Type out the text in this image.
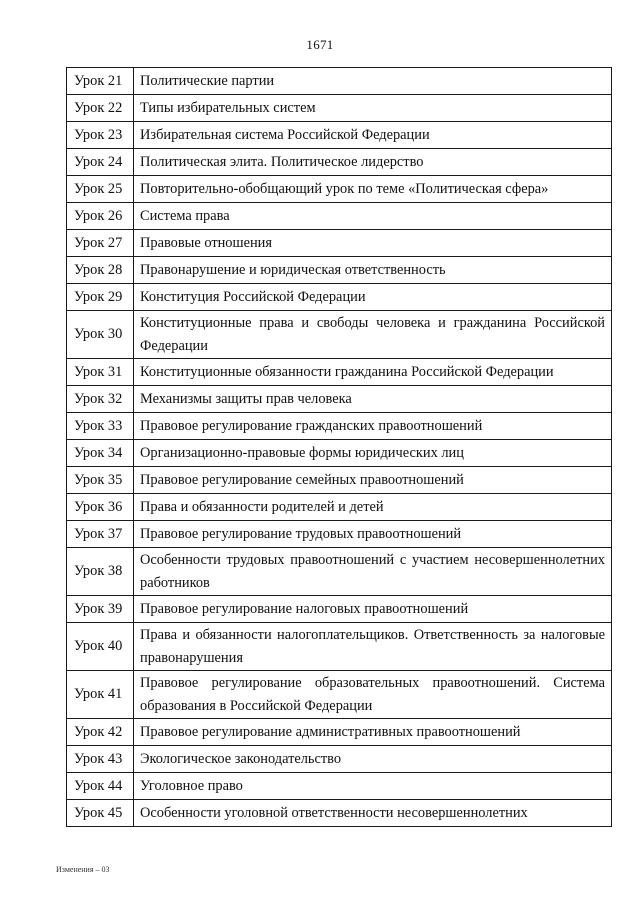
1671
Урок 21	Политические партии
Урок 22	Типы избирательных систем
Урок 23	Избирательная система Российской Федерации
Урок 24	Политическая элита. Политическое лидерство
Урок 25	Повторительно-обобщающий урок по теме «Политическая сфера»
Урок 26	Система права
Урок 27	Правовые отношения
Урок 28	Правонарушение и юридическая ответственность
Урок 29	Конституция Российской Федерации
Урок 30	Конституционные права и свободы человека и гражданина Российской Федерации
Урок 31	Конституционные обязанности гражданина Российской Федерации
Урок 32	Механизмы защиты прав человека
Урок 33	Правовое регулирование гражданских правоотношений
Урок 34	Организационно-правовые формы юридических лиц
Урок 35	Правовое регулирование семейных правоотношений
Урок 36	Права и обязанности родителей и детей
Урок 37	Правовое регулирование трудовых правоотношений
Урок 38	Особенности трудовых правоотношений с участием несовершеннолетних работников
Урок 39	Правовое регулирование налоговых правоотношений
Урок 40	Права и обязанности налогоплательщиков. Ответственность за налоговые правонарушения
Урок 41	Правовое регулирование образовательных правоотношений. Система образования в Российской Федерации
Урок 42	Правовое регулирование административных правоотношений
Урок 43	Экологическое законодательство
Урок 44	Уголовное право
Урок 45	Особенности уголовной ответственности несовершеннолетних
Изменения – 03
